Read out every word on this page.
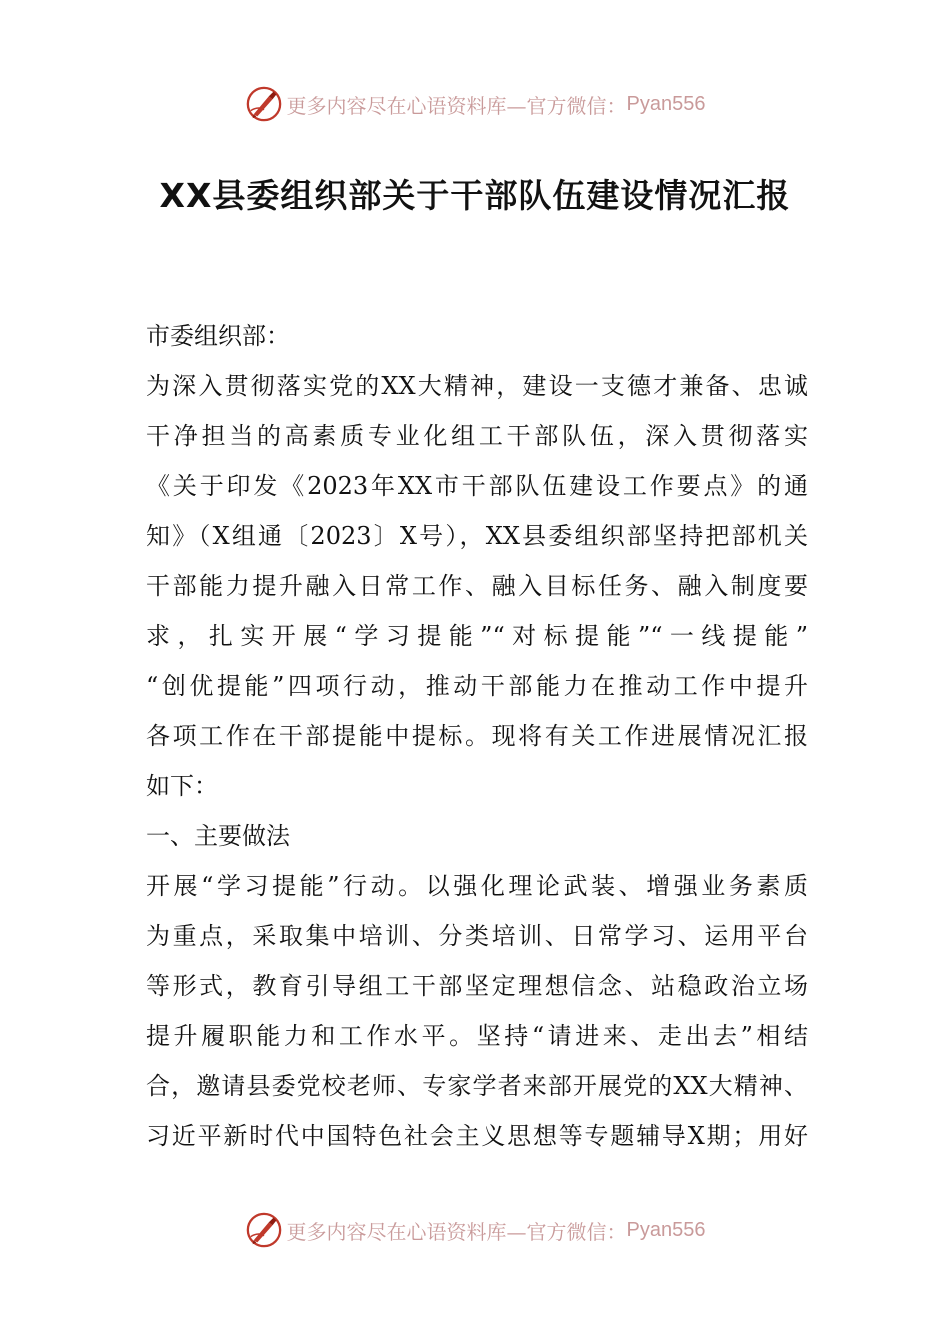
更多内容尽在心语资料库—官方微信： Pyan556
XX县委组织部关于干部队伍建设情况汇报
市委组织部：
为深入贯彻落实党的XX大精神，建设一支德才兼备、忠诚
干净担当的高素质专业化组工干部队伍，深入贯彻落实
《关于印发《2023年XX市干部队伍建设工作要点》的通
知》（X组通〔2023〕X号），XX县委组织部坚持把部机关
干部能力提升融入日常工作、融入目标任务、融入制度要
求，扎实开展“学习提能”“对标提能”“一线提能”
“创优提能”四项行动，推动干部能力在推动工作中提升
各项工作在干部提能中提标。现将有关工作进展情况汇报
如下：
一、主要做法
开展“学习提能”行动。以强化理论武装、增强业务素质
为重点，采取集中培训、分类培训、日常学习、运用平台
等形式，教育引导组工干部坚定理想信念、站稳政治立场
提升履职能力和工作水平。坚持“请进来、走出去”相结
合，邀请县委党校老师、专家学者来部开展党的XX大精神、
习近平新时代中国特色社会主义思想等专题辅导X期；用好
更多内容尽在心语资料库—官方微信： Pyan556
